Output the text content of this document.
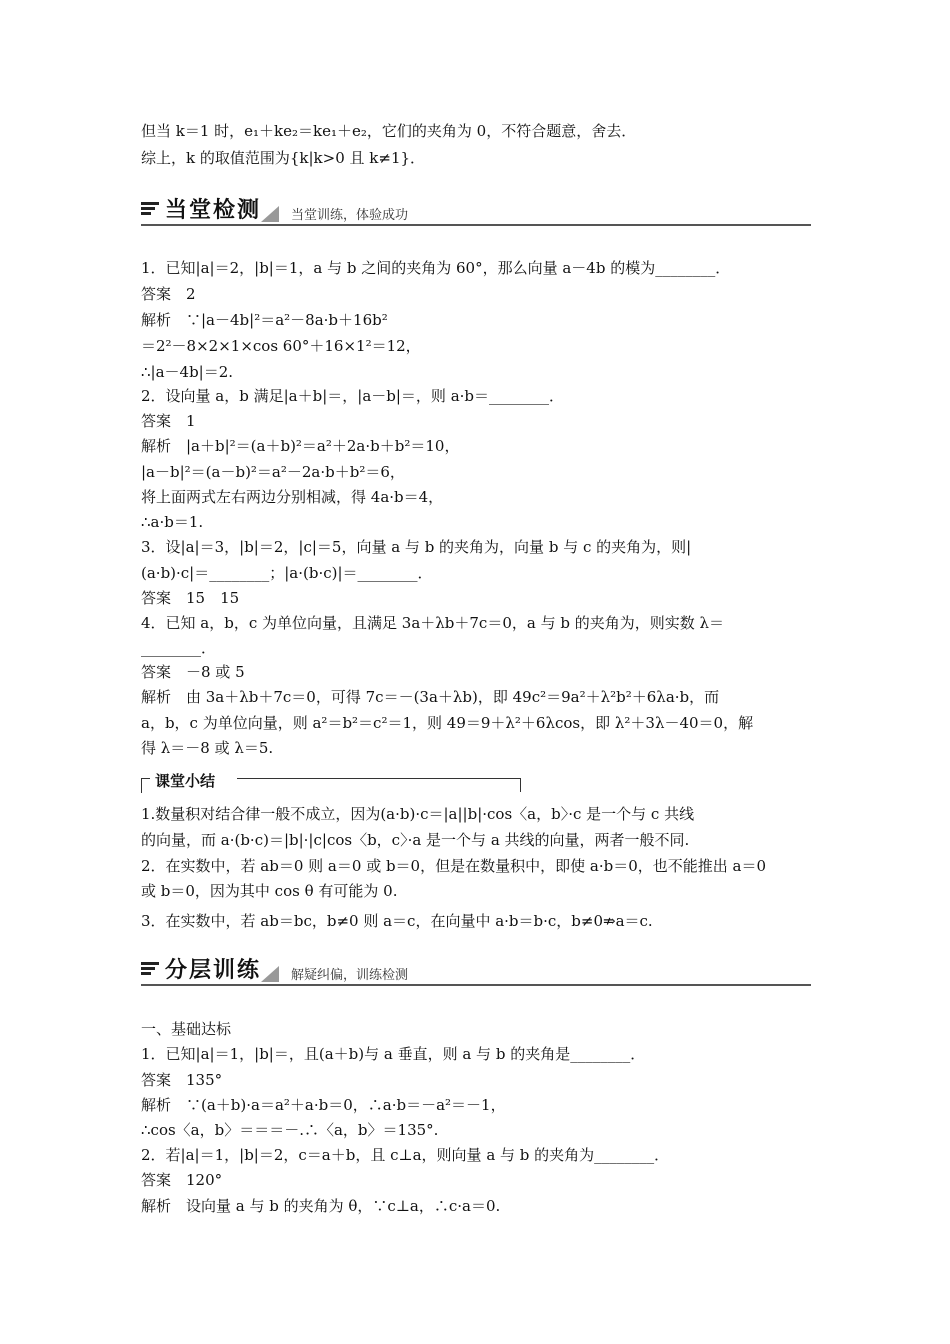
但当 k＝1 时，e₁＋ke₂＝ke₁＋e₂，它们的夹角为 0，不符合题意，舍去．
综上，k 的取值范围为{k|k>0 且 k≠1}．
当堂检测 当堂训练，体验成功
1．已知|a|＝2，|b|＝1，a 与 b 之间的夹角为 60°，那么向量 a－4b 的模为________．
答案　2
解析　∵|a－4b|²＝a²－8a·b＋16b²
＝2²－8×2×1×cos 60°＋16×1²＝12，
∴|a－4b|＝2.
2．设向量 a，b 满足|a＋b|＝，|a－b|＝，则 a·b＝________．
答案　1
解析　|a＋b|²＝(a＋b)²＝a²＋2a·b＋b²＝10，
|a－b|²＝(a－b)²＝a²－2a·b＋b²＝6，
将上面两式左右两边分别相减，得 4a·b＝4，
∴a·b＝1.
3．设|a|＝3，|b|＝2，|c|＝5，向量 a 与 b 的夹角为，向量 b 与 c 的夹角为，则|
(a·b)·c|＝________；|a·(b·c)|＝________．
答案　15　15
4．已知 a，b，c 为单位向量，且满足 3a＋λb＋7c＝0，a 与 b 的夹角为，则实数 λ＝
________．
答案　－8 或 5
解析　由 3a＋λb＋7c＝0，可得 7c＝－(3a＋λb)，即 49c²＝9a²＋λ²b²＋6λa·b，而
a，b，c 为单位向量，则 a²＝b²＝c²＝1，则 49＝9＋λ²＋6λcos，即 λ²＋3λ－40＝0，解
得 λ＝－8 或 λ＝5.
课堂小结
1.数量积对结合律一般不成立，因为(a·b)·c＝|a||b|·cos〈a，b〉·c 是一个与 c 共线
的向量，而 a·(b·c)＝|b|·|c|cos〈b，c〉·a 是一个与 a 共线的向量，两者一般不同.
2．在实数中，若 ab＝0 则 a＝0 或 b＝0，但是在数量积中，即使 a·b＝0，也不能推出 a＝0
或 b＝0，因为其中 cos θ 有可能为 0.
3．在实数中，若 ab＝bc，b≠0 则 a＝c，在向量中 a·b＝b·c，b≠0⇏a＝c.
分层训练 解疑纠偏，训练检测
一、基础达标
1．已知|a|＝1，|b|＝，且(a＋b)与 a 垂直，则 a 与 b 的夹角是________．
答案　135°
解析　∵(a＋b)·a＝a²＋a·b＝0，∴a·b＝－a²＝－1，
∴cos〈a，b〉＝＝＝－.∴〈a，b〉＝135°.
2．若|a|＝1，|b|＝2，c＝a＋b，且 c⊥a，则向量 a 与 b 的夹角为________．
答案　120°
解析　设向量 a 与 b 的夹角为 θ，∵c⊥a，∴c·a＝0.
